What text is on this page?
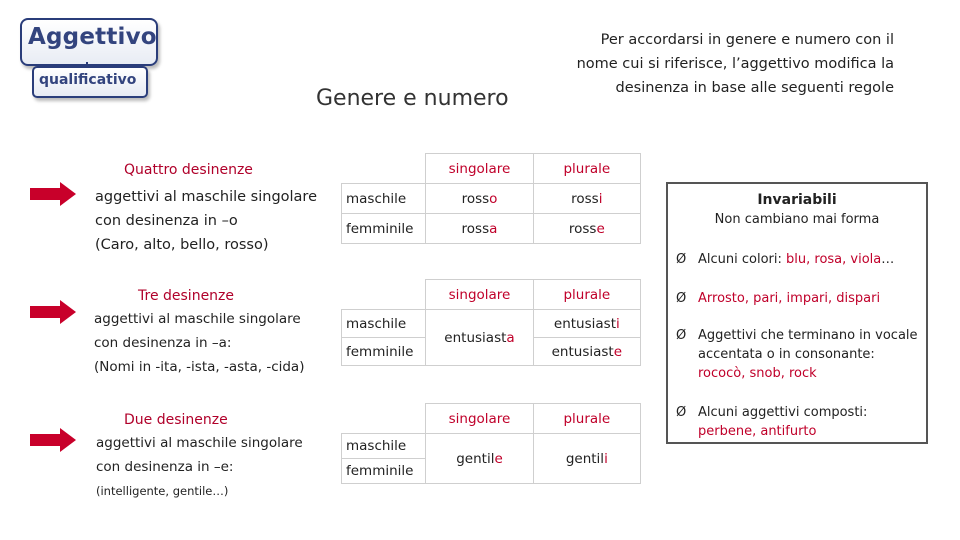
Aggettivo
qualificativo
Genere e numero
Per accordarsi in genere e numero con il nome cui si riferisce, l’aggettivo modifica la desinenza in base alle seguenti regole
Quattro desinenze
aggettivi al maschile singolare
con desinenza in –o
(Caro, alto, bello, rosso)
	singolare	plurale
maschile	rosso	rossi
femminile	rossa	rosse
Tre desinenze
aggettivi al maschile singolare
con desinenza in –a:
(Nomi in -ita, -ista, -asta, -cida)
	singolare	plurale
maschile	entusiasta	entusiasti
femminile		entusiaste
Due desinenze
aggettivi al maschile singolare
con desinenza in –e:
(intelligente, gentile…)
	singolare	plurale
maschile	gentile	gentili
femminile		
Invariabili
Non cambiano mai forma
Ø Alcuni colori: blu, rosa, viola…
Ø Arrosto, pari, impari, dispari
Ø Aggettivi che terminano in vocale accentata o in consonante: rococò, snob, rock
Ø Alcuni aggettivi composti: perbene, antifurto
